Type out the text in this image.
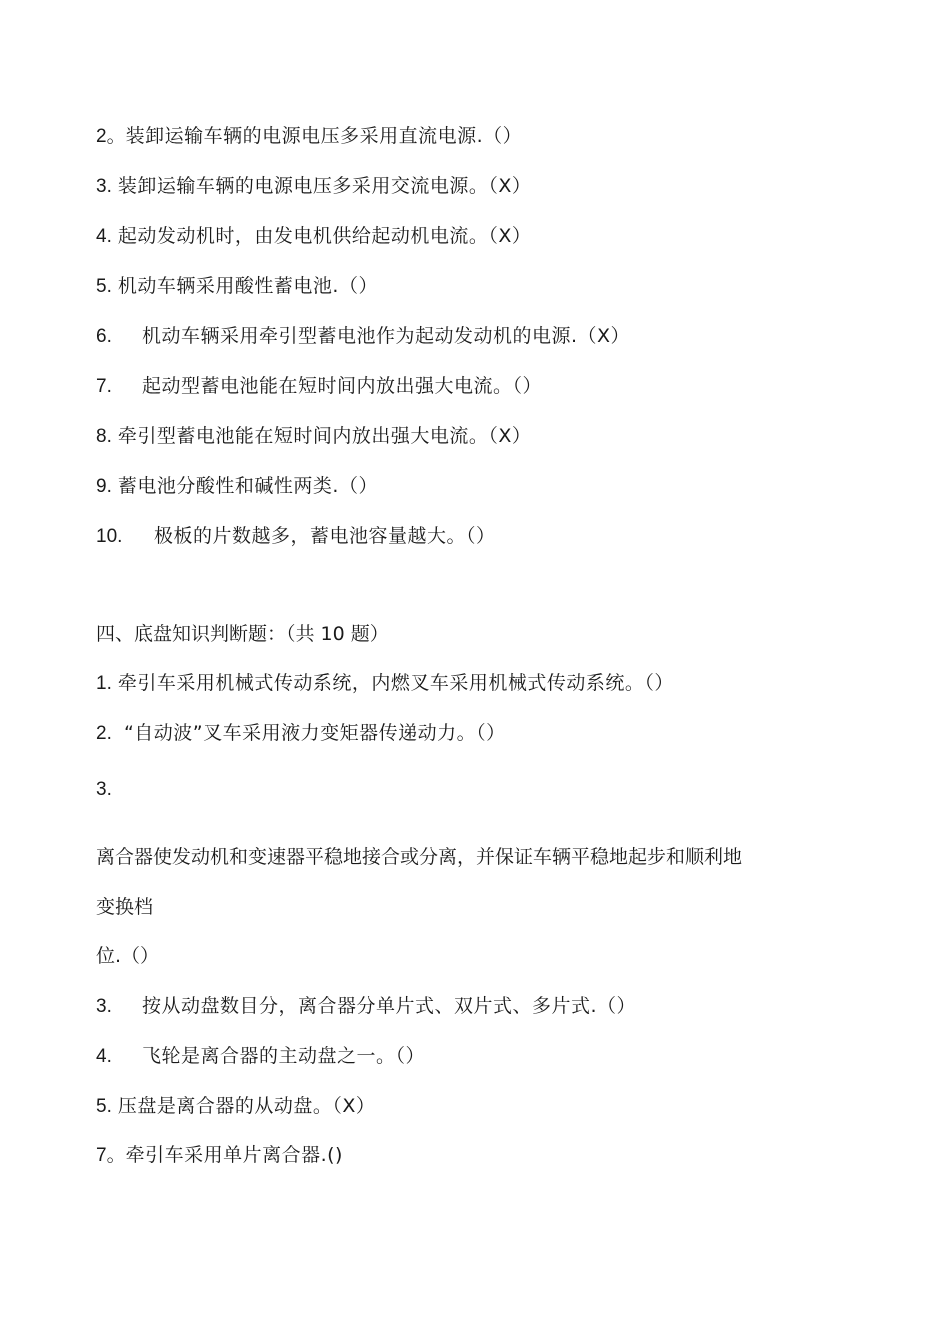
2。装卸运输车辆的电源电压多采用直流电源.（）
3. 装卸运输车辆的电源电压多采用交流电源。（X）
4. 起动发动机时，由发电机供给起动机电流。（X）
5. 机动车辆采用酸性蓄电池.（）
6. 机动车辆采用牵引型蓄电池作为起动发动机的电源.（X）
7. 起动型蓄电池能在短时间内放出强大电流。（）
8. 牵引型蓄电池能在短时间内放出强大电流。（X）
9. 蓄电池分酸性和碱性两类.（）
10. 极板的片数越多，蓄电池容量越大。（）
四、底盘知识判断题：（共 10 题）
1. 牵引车采用机械式传动系统，内燃叉车采用机械式传动系统。（）
2. “自动波”叉车采用液力变矩器传递动力。（）
3.
离合器使发动机和变速器平稳地接合或分离，并保证车辆平稳地起步和顺利地
变换档
位.（）
3. 按从动盘数目分，离合器分单片式、双片式、多片式.（）
4. 飞轮是离合器的主动盘之一。（）
5. 压盘是离合器的从动盘。（X）
7。牵引车采用单片离合器.()
